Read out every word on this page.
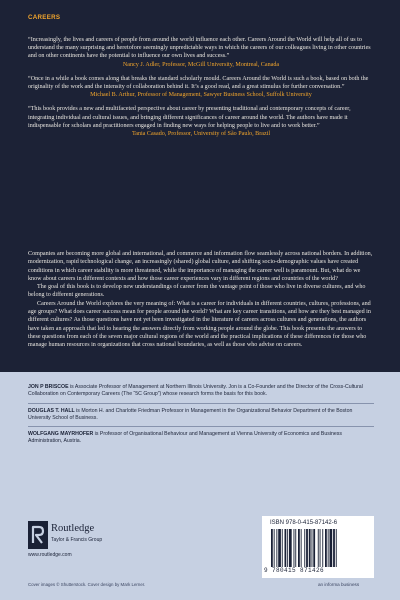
CAREERS
“Increasingly, the lives and careers of people from around the world influence each other. Careers Around the World will help all of us to understand the many surprising and heretofore seemingly unpredictable ways in which the careers of our colleagues living in other countries and on other continents have the potential to influence our own lives and success.”
Nancy J. Adler, Professor, McGill University, Montreal, Canada
“Once in a while a book comes along that breaks the standard scholarly mould. Careers Around the World is such a book, based on both the originality of the work and the intensity of collaboration behind it. It’s a good read, and a great stimulus for further conversation.”
Michael B. Arthur, Professor of Management, Sawyer Business School, Suffolk University
“This book provides a new and multifaceted perspective about career by presenting traditional and contemporary concepts of career, integrating individual and cultural issues, and bringing different significances of career around the world. The authors have made it indispensable for scholars and practitioners engaged in finding new ways for helping people to live and to work better.”
Tania Casado, Professor, University of São Paulo, Brazil

Companies are becoming more global and international, and commerce and information flow seamlessly across national borders. In addition, modernization, rapid technological change, an increasingly (shared) global culture, and shifting socio-demographic values have created conditions in which career stability is more threatened, while the importance of managing the career well is paramount. But, what do we know about careers in different contexts and how those career experiences vary in different regions and countries of the world?

The goal of this book is to develop new understandings of career from the vantage point of those who live in diverse cultures, and who belong to different generations.

Careers Around the World explores the very meaning of: What is a career for individuals in different countries, cultures, professions, and age groups? What does career success mean for people around the world? What are key career transitions, and how are they best managed in different cultures? As those questions have not yet been investigated in the literature of careers across cultures and generations, the authors have taken an approach that led to hearing the answers directly from working people around the globe. This book presents the answers to these questions from each of the seven major cultural regions of the world and the practical implications of these differences for those who manage human resources in organizations that cross national boundaries, as well as those who advise on careers.

JON P BRISCOE is Associate Professor of Management at Northern Illinois University. Jon is a Co-Founder and the Director of the Cross-Cultural Collaboration on Contemporary Careers (The “5C Group”) whose research forms the basis for this book.
DOUGLAS T. HALL is Morton H. and Charlotte Friedman Professor in Management in the Organizational Behavior Department of the Boston University School of Business.
WOLFGANG MAYRHOFER is Professor of Organisational Behaviour and Management at Vienna University of Economics and Business Administration, Austria.
Routledge
Taylor & Francis Group
www.routledge.com
ISBN 978-0-415-87142-6
9 780415 871426
Cover images © Shutterstock. Cover design by Mark Lerner.	an informa business
